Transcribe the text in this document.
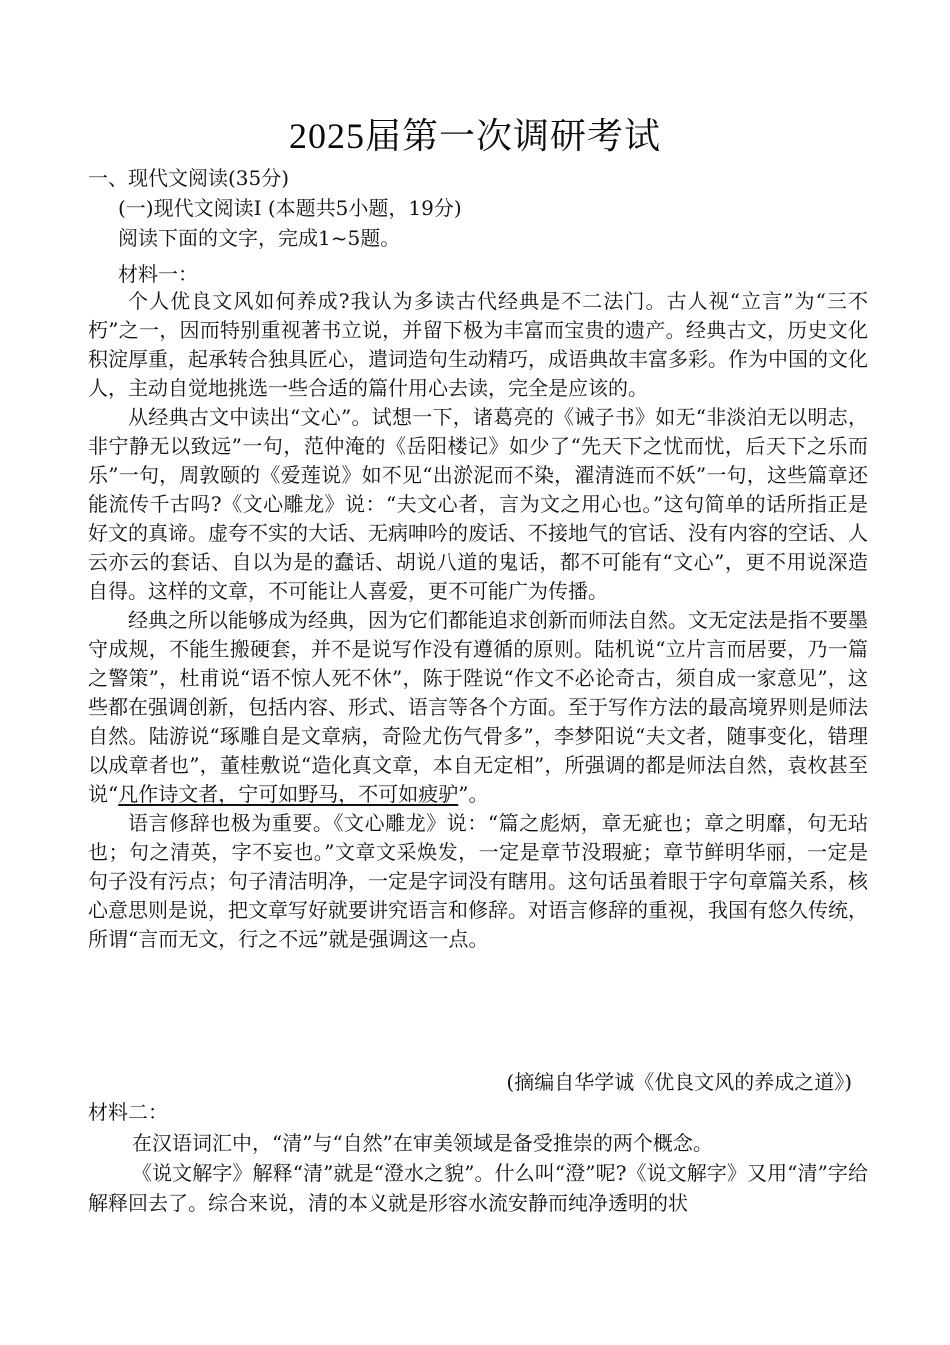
2025届第一次调研考试
一、现代文阅读(35分)
(一)现代文阅读I (本题共5小题，19分)
阅读下面的文字，完成1~5题。
材料一：

个人优良文风如何养成?我认为多读古代经典是不二法门。古人视“立言”为“三不朽”之一，因而特别重视著书立说，并留下极为丰富而宝贵的遗产。经典古文，历史文化积淀厚重，起承转合独具匠心，遣词造句生动精巧，成语典故丰富多彩。作为中国的文化人，主动自觉地挑选一些合适的篇什用心去读，完全是应该的。

从经典古文中读出“文心”。试想一下，诸葛亮的《诫子书》如无“非淡泊无以明志，非宁静无以致远”一句，范仲淹的《岳阳楼记》如少了“先天下之忧而忧，后天下之乐而乐”一句，周敦颐的《爱莲说》如不见“出淤泥而不染，濯清涟而不妖”一句，这些篇章还能流传千古吗?《文心雕龙》说：“夫文心者，言为文之用心也。”这句简单的话所指正是好文的真谛。虚夸不实的大话、无病呻吟的废话、不接地气的官话、没有内容的空话、人云亦云的套话、自以为是的蠢话、胡说八道的鬼话，都不可能有“文心”，更不用说深造自得。这样的文章，不可能让人喜爱，更不可能广为传播。

经典之所以能够成为经典，因为它们都能追求创新而师法自然。文无定法是指不要墨守成规，不能生搬硬套，并不是说写作没有遵循的原则。陆机说“立片言而居要，乃一篇之警策”，杜甫说“语不惊人死不休”，陈于陛说“作文不必论奇古，须自成一家意见”，这些都在强调创新，包括内容、形式、语言等各个方面。至于写作方法的最高境界则是师法自然。陆游说“琢雕自是文章病，奇险尤伤气骨多”，李梦阳说“夫文者，随事变化，错理以成章者也”，董桂敷说“造化真文章，本自无定相”，所强调的都是师法自然，袁枚甚至说“凡作诗文者，宁可如野马，不可如疲驴”。

语言修辞也极为重要。《文心雕龙》说：“篇之彪炳，章无疵也；章之明靡，句无玷也；句之清英，字不妄也。”文章文采焕发，一定是章节没瑕疵；章节鲜明华丽，一定是句子没有污点；句子清洁明净，一定是字词没有瞎用。这句话虽着眼于字句章篇关系，核心意思则是说，把文章写好就要讲究语言和修辞。对语言修辞的重视，我国有悠久传统，所谓“言而无文，行之不远”就是强调这一点。

(摘编自华学诚《优良文风的养成之道》)
材料二：

在汉语词汇中，“清”与“自然”在审美领域是备受推崇的两个概念。

《说文解字》解释“清”就是“澄水之貌”。什么叫“澄”呢?《说文解字》又用“清”字给解释回去了。综合来说，清的本义就是形容水流安静而纯净透明的状
